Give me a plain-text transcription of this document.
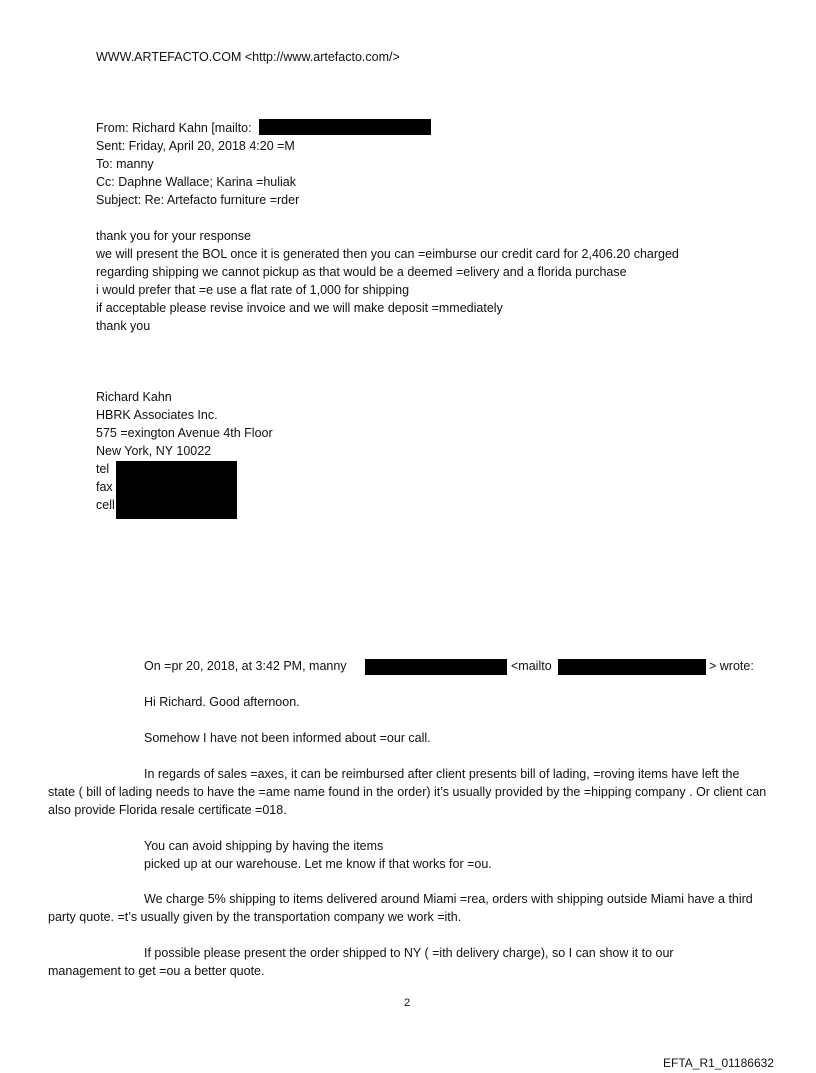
WWW.ARTEFACTO.COM <http://www.artefacto.com/>
From: Richard Kahn [mailto:
Sent: Friday, April 20, 2018 4:20 =M
To: manny
Cc: Daphne Wallace; Karina =huliak
Subject: Re: Artefacto furniture =rder
thank you for your response
we will present the BOL once it is generated then you can =eimburse our credit card for 2,406.20 charged
regarding shipping we cannot pickup as that would be a deemed =elivery and a florida purchase
i would prefer that =e use a flat rate of 1,000 for shipping
if acceptable please revise invoice and we will make deposit =mmediately
thank you
Richard Kahn
HBRK Associates Inc.
575 =exington Avenue 4th Floor
New York, NY 10022
tel
fax
cell
On =pr 20, 2018, at 3:42 PM, manny	<mailto	> wrote:
Hi Richard. Good afternoon.
Somehow I have not been informed about =our call.
In regards of sales =axes, it can be reimbursed after client presents bill of lading, =roving items have left the state ( bill of lading needs to have the =ame name found in the order) it’s usually provided by the =hipping company . Or client can also provide Florida resale certificate =018.
You can avoid shipping by having the items
picked up at our warehouse. Let me know if that works for =ou.
We charge 5% shipping to items delivered around Miami =rea, orders with shipping outside Miami have a third party quote. =t’s usually given by the transportation company we work =ith.
If possible please present the order shipped to NY ( =ith delivery charge), so I can show it to our management to get =ou a better quote.
2
EFTA_R1_01186632
